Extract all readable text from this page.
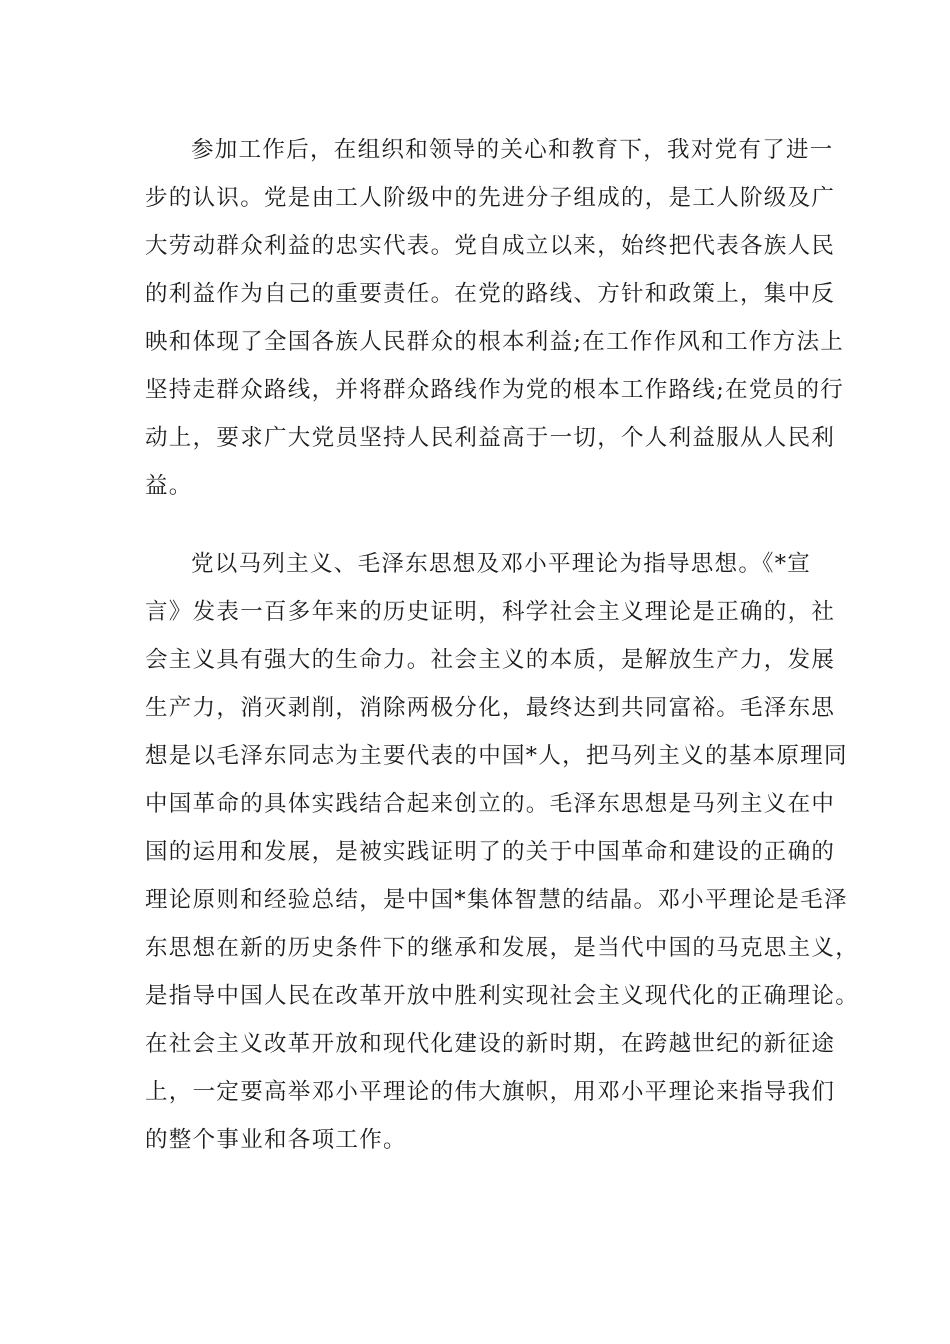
参加工作后，在组织和领导的关心和教育下，我对党有了进一
步的认识。党是由工人阶级中的先进分子组成的，是工人阶级及广
大劳动群众利益的忠实代表。党自成立以来，始终把代表各族人民
的利益作为自己的重要责任。在党的路线、方针和政策上，集中反
映和体现了全国各族人民群众的根本利益;在工作作风和工作方法上
坚持走群众路线，并将群众路线作为党的根本工作路线;在党员的行
动上，要求广大党员坚持人民利益高于一切，个人利益服从人民利
益。
党以马列主义、毛泽东思想及邓小平理论为指导思想。《*宣
言》发表一百多年来的历史证明，科学社会主义理论是正确的，社
会主义具有强大的生命力。社会主义的本质，是解放生产力，发展
生产力，消灭剥削，消除两极分化，最终达到共同富裕。毛泽东思
想是以毛泽东同志为主要代表的中国*人，把马列主义的基本原理同
中国革命的具体实践结合起来创立的。毛泽东思想是马列主义在中
国的运用和发展，是被实践证明了的关于中国革命和建设的正确的
理论原则和经验总结，是中国*集体智慧的结晶。邓小平理论是毛泽
东思想在新的历史条件下的继承和发展，是当代中国的马克思主义，
是指导中国人民在改革开放中胜利实现社会主义现代化的正确理论。
在社会主义改革开放和现代化建设的新时期，在跨越世纪的新征途
上，一定要高举邓小平理论的伟大旗帜，用邓小平理论来指导我们
的整个事业和各项工作。
